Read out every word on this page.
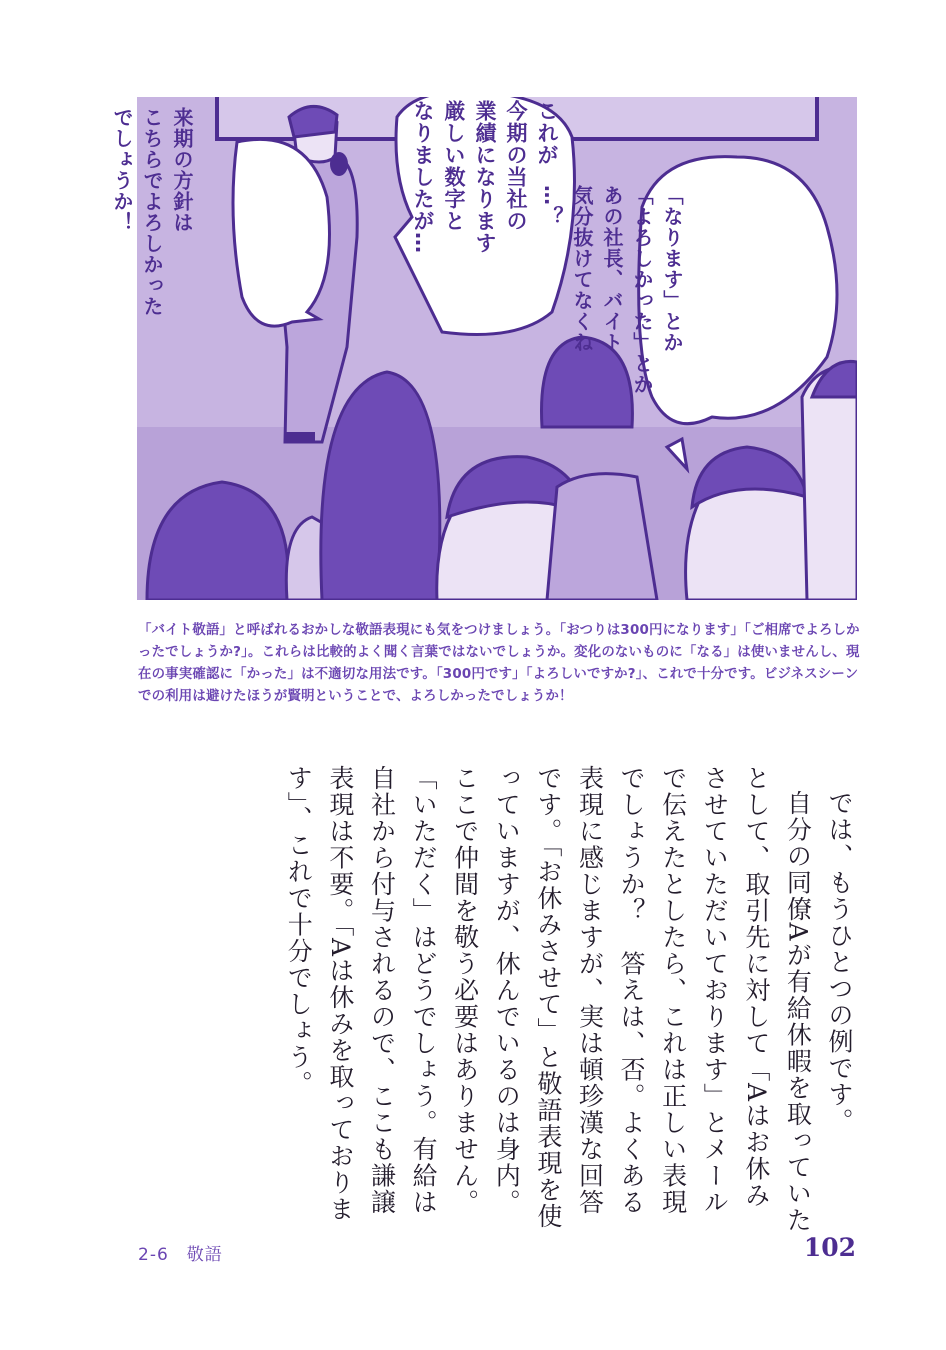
「なります」とか
「よろしかった」とか
あの社長、バイト
気分抜けてなくね
…？
これが
今期の当社の
業績になります
厳しい数字と
なりましたが…
来期の方針は
こちらでよろしかった
でしょうか！
「バイト敬語」と呼ばれるおかしな敬語表現にも気をつけましょう。「おつりは300円になります」「ご相席でよろしかったでしょうか?」。これらは比較的よく聞く言葉ではないでしょうか。変化のないものに「なる」は使いませんし、現在の事実確認に「かった」は不適切な用法です。「300円です」「よろしいですか?」、これで十分です。ビジネスシーンでの利用は避けたほうが賢明ということで、よろしかったでしょうか！

では、もうひとつの例です。

自分の同僚Aが有給休暇を取っていたとして、取引先に対して「Aはお休みさせていただいております」とメールで伝えたとしたら、これは正しい表現でしょうか？　答えは、否。よくある表現に感じますが、実は頓珍漢な回答です。「お休みさせて」と敬語表現を使っていますが、休んでいるのは身内。ここで仲間を敬う必要はありません。「いただく」はどうでしょう。有給は自社から付与されるので、ここも謙譲表現は不要。「Aは休みを取っております」、これで十分でしょう。

2-6　敬語	102
